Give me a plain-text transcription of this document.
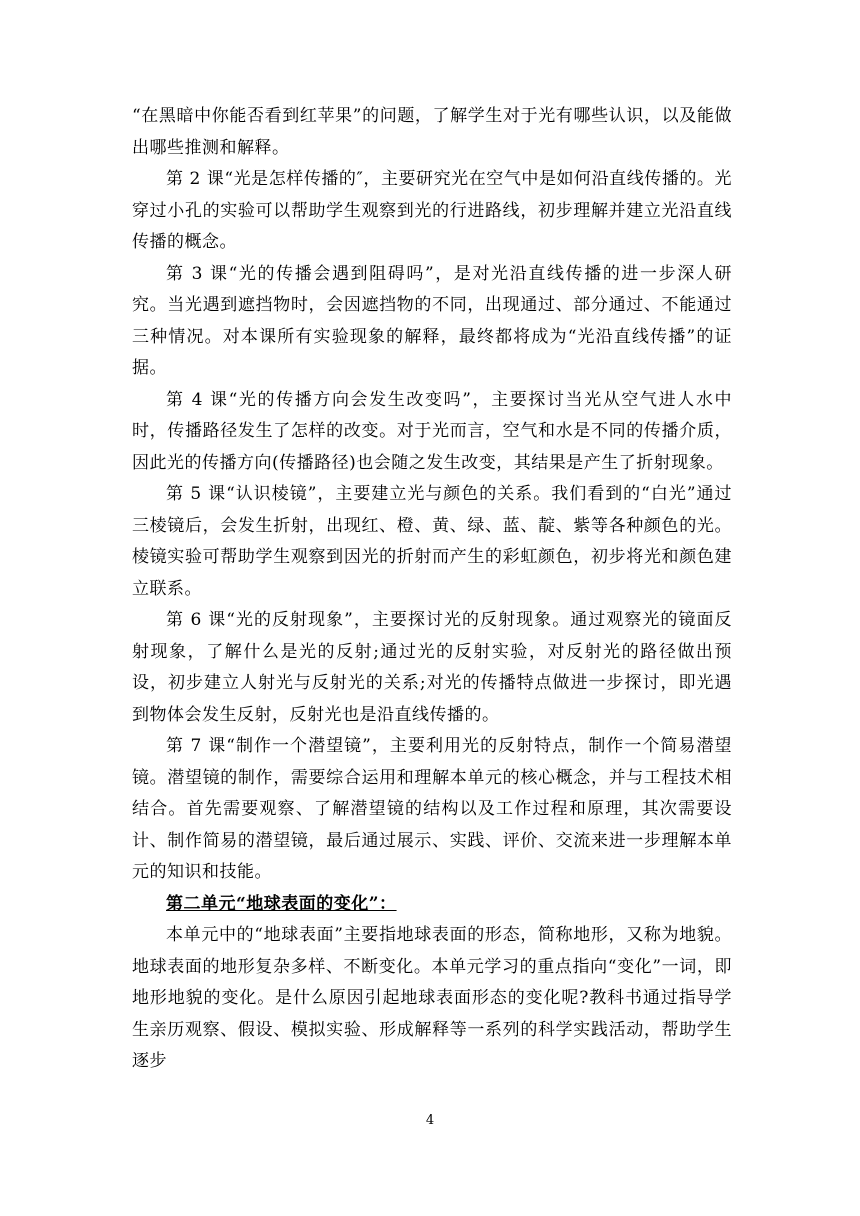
“在黑暗中你能否看到红苹果”的问题，了解学生对于光有哪些认识，以及能做出哪些推测和解释。

第 2 课“光是怎样传播的″，主要研究光在空气中是如何沿直线传播的。光穿过小孔的实验可以帮助学生观察到光的行进路线，初步理解并建立光沿直线传播的概念。

第 3 课“光的传播会遇到阻碍吗”，是对光沿直线传播的进一步深人研究。当光遇到遮挡物时，会因遮挡物的不同，出现通过、部分通过、不能通过三种情况。对本课所有实验现象的解释，最终都将成为“光沿直线传播”的证据。

第 4 课“光的传播方向会发生改变吗”，主要探讨当光从空气进人水中时，传播路径发生了怎样的改变。对于光而言，空气和水是不同的传播介质，因此光的传播方向(传播路径)也会随之发生改变，其结果是产生了折射现象。

第 5 课“认识棱镜”，主要建立光与颜色的关系。我们看到的“白光”通过三棱镜后，会发生折射，出现红、橙、黄、绿、蓝、靛、紫等各种颜色的光。棱镜实验可帮助学生观察到因光的折射而产生的彩虹颜色，初步将光和颜色建立联系。

第 6 课“光的反射现象”，主要探讨光的反射现象。通过观察光的镜面反射现象，了解什么是光的反射;通过光的反射实验，对反射光的路径做出预设，初步建立人射光与反射光的关系;对光的传播特点做进一步探讨，即光遇到物体会发生反射，反射光也是沿直线传播的。

第 7 课“制作一个潜望镜”，主要利用光的反射特点，制作一个简易潜望镜。潜望镜的制作，需要综合运用和理解本单元的核心概念，并与工程技术相结合。首先需要观察、了解潜望镜的结构以及工作过程和原理，其次需要设计、制作简易的潜望镜，最后通过展示、实践、评价、交流来进一步理解本单元的知识和技能。

第二单元“地球表面的变化”：

本单元中的“地球表面”主要指地球表面的形态，简称地形，又称为地貌。地球表面的地形复杂多样、不断变化。本单元学习的重点指向“变化”一词，即地形地貌的变化。是什么原因引起地球表面形态的变化呢?教科书通过指导学生亲历观察、假设、模拟实验、形成解释等一系列的科学实践活动，帮助学生逐步

4
